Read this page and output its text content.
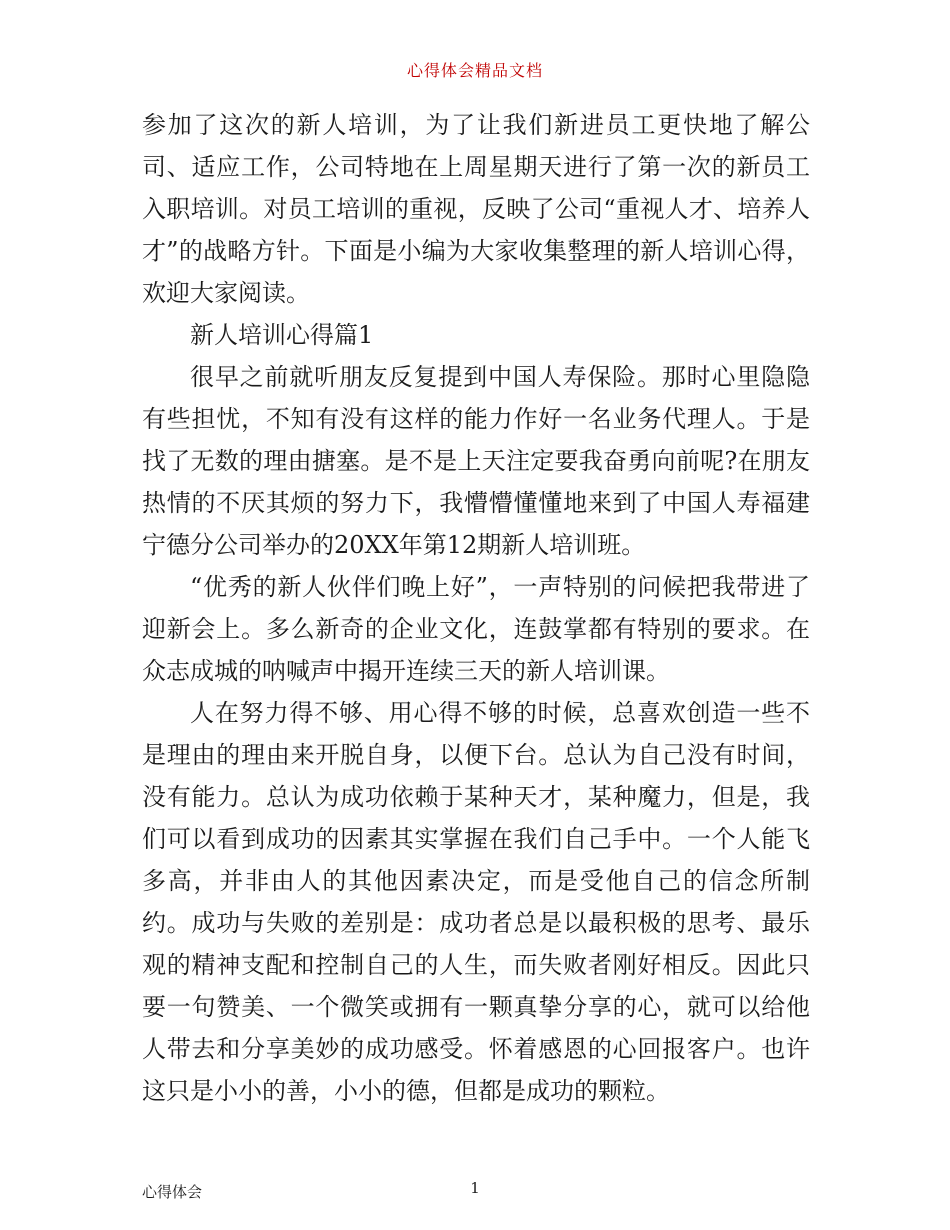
心得体会精品文档

参加了这次的新人培训，为了让我们新进员工更快地了解公司、适应工作，公司特地在上周星期天进行了第一次的新员工入职培训。对员工培训的重视，反映了公司“重视人才、培养人才”的战略方针。下面是小编为大家收集整理的新人培训心得，欢迎大家阅读。

新人培训心得篇1

很早之前就听朋友反复提到中国人寿保险。那时心里隐隐有些担忧，不知有没有这样的能力作好一名业务代理人。于是找了无数的理由搪塞。是不是上天注定要我奋勇向前呢?在朋友热情的不厌其烦的努力下，我懵懵懂懂地来到了中国人寿福建宁德分公司举办的20XX年第12期新人培训班。

“优秀的新人伙伴们晚上好”，一声特别的问候把我带进了迎新会上。多么新奇的企业文化，连鼓掌都有特别的要求。在众志成城的呐喊声中揭开连续三天的新人培训课。

人在努力得不够、用心得不够的时候，总喜欢创造一些不是理由的理由来开脱自身，以便下台。总认为自己没有时间，没有能力。总认为成功依赖于某种天才，某种魔力，但是，我们可以看到成功的因素其实掌握在我们自己手中。一个人能飞多高，并非由人的其他因素决定，而是受他自己的信念所制约。成功与失败的差别是：成功者总是以最积极的思考、最乐观的精神支配和控制自己的人生，而失败者刚好相反。因此只要一句赞美、一个微笑或拥有一颗真挚分享的心，就可以给他人带去和分享美妙的成功感受。怀着感恩的心回报客户。也许这只是小小的善，小小的德，但都是成功的颗粒。

心得体会	1
